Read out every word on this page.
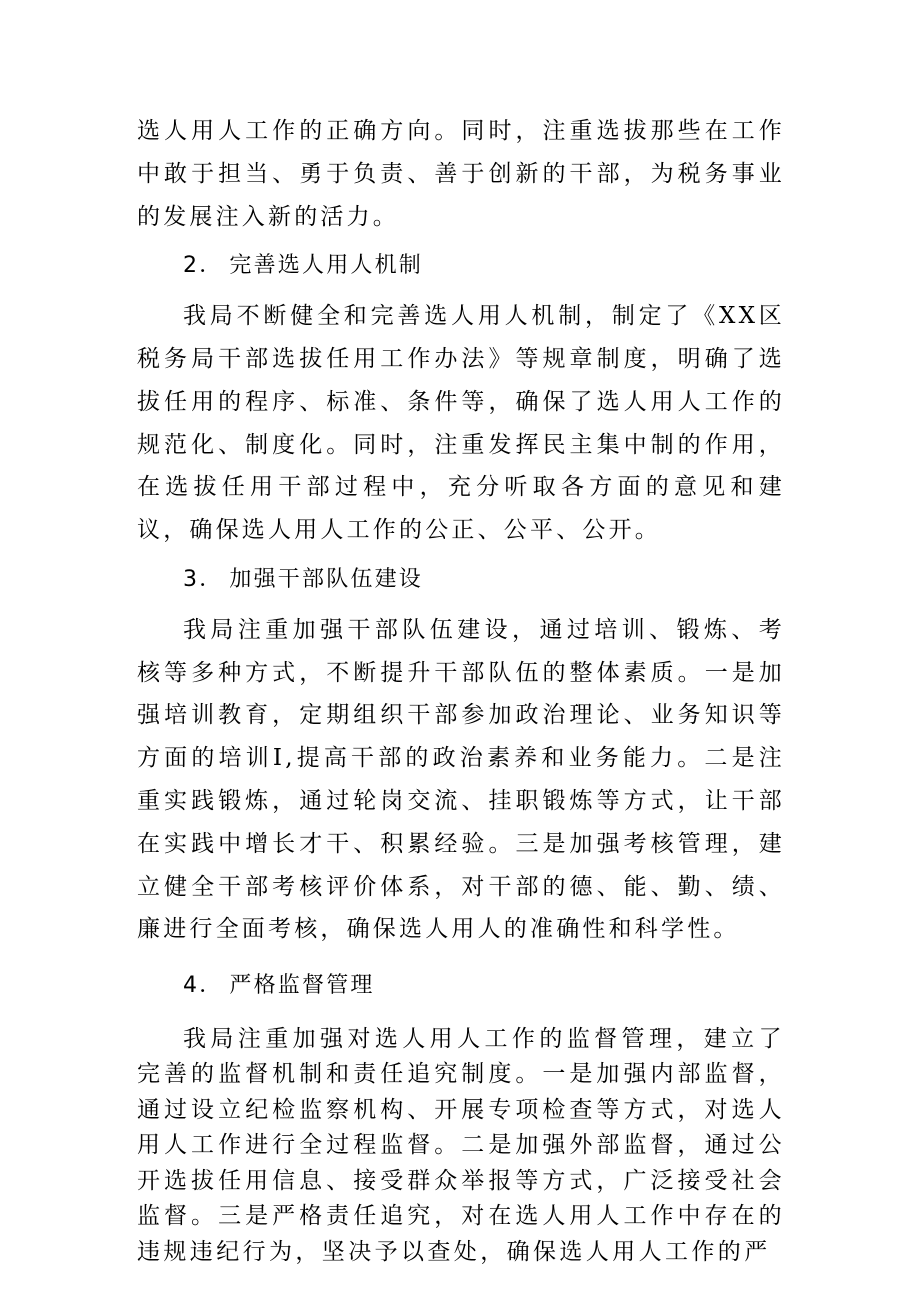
选人用人工作的正确方向。同时，注重选拔那些在工作中敢于担当、勇于负责、善于创新的干部，为税务事业的发展注入新的活力。

2． 完善选人用人机制

我局不断健全和完善选人用人机制，制定了《XX区税务局干部选拔任用工作办法》等规章制度，明确了选拔任用的程序、标准、条件等，确保了选人用人工作的规范化、制度化。同时，注重发挥民主集中制的作用，在选拔任用干部过程中，充分听取各方面的意见和建议，确保选人用人工作的公正、公平、公开。

3． 加强干部队伍建设

我局注重加强干部队伍建设，通过培训、锻炼、考核等多种方式，不断提升干部队伍的整体素质。一是加强培训教育，定期组织干部参加政治理论、业务知识等方面的培训I,提高干部的政治素养和业务能力。二是注重实践锻炼，通过轮岗交流、挂职锻炼等方式，让干部在实践中增长才干、积累经验。三是加强考核管理，建立健全干部考核评价体系，对干部的德、能、勤、绩、廉进行全面考核，确保选人用人的准确性和科学性。

4． 严格监督管理

我局注重加强对选人用人工作的监督管理，建立了完善的监督机制和责任追究制度。一是加强内部监督，通过设立纪检监察机构、开展专项检查等方式，对选人用人工作进行全过程监督。二是加强外部监督，通过公开选拔任用信息、接受群众举报等方式，广泛接受社会监督。三是严格责任追究，对在选人用人工作中存在的违规违纪行为，坚决予以查处，确保选人用人工作的严
